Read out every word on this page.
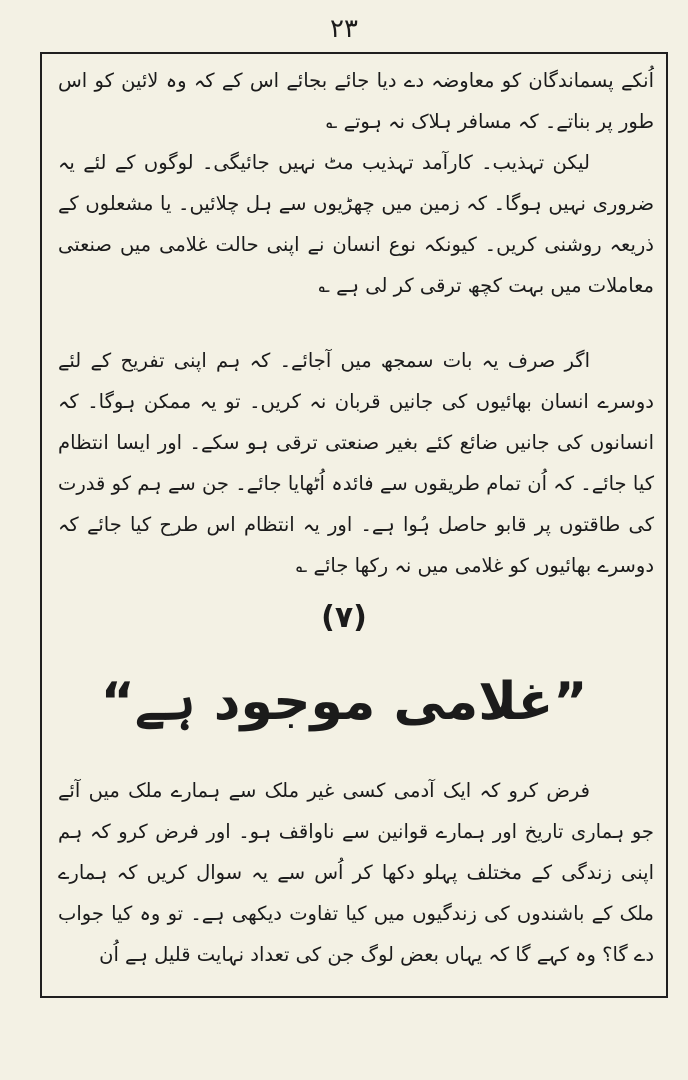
۲۳

اُنکے پسماندگان کو معاوضہ دے دیا جائے بجائے اس کے کہ وہ لائین کو اس طور پر بناتے۔ کہ مسافر ہلاک نہ ہوتے ؎

لیکن تہذیب۔ کارآمد تہذیب مٹ نہیں جائیگی۔ لوگوں کے لئے یہ ضروری نہیں ہوگا۔ کہ زمین میں چھڑیوں سے ہل چلائیں۔ یا مشعلوں کے ذریعہ روشنی کریں۔ کیونکہ نوع انسان نے اپنی حالت غلامی میں صنعتی معاملات میں بہت کچھ ترقی کر لی ہے ؎

اگر صرف یہ بات سمجھ میں آجائے۔ کہ ہم اپنی تفریح کے لئے دوسرے انسان بھائیوں کی جانیں قربان نہ کریں۔ تو یہ ممکن ہوگا۔ کہ انسانوں کی جانیں ضائع کئے بغیر صنعتی ترقی ہو سکے۔ اور ایسا انتظام کیا جائے۔ کہ اُن تمام طریقوں سے فائدہ اُٹھایا جائے۔ جن سے ہم کو قدرت کی طاقتوں پر قابو حاصل ہُوا ہے۔ اور یہ انتظام اس طرح کیا جائے کہ دوسرے بھائیوں کو غلامی میں نہ رکھا جائے ؎

(۷)
”غلامی موجود ہے“

فرض کرو کہ ایک آدمی کسی غیر ملک سے ہمارے ملک میں آئے جو ہماری تاریخ اور ہمارے قوانین سے ناواقف ہو۔ اور فرض کرو کہ ہم اپنی زندگی کے مختلف پہلو دکھا کر اُس سے یہ سوال کریں کہ ہمارے ملک کے باشندوں کی زندگیوں میں کیا تفاوت دیکھی ہے۔ تو وہ کیا جواب دے گا؟ وہ کہے گا کہ یہاں بعض لوگ جن کی تعداد نہایت قلیل ہے اُن
